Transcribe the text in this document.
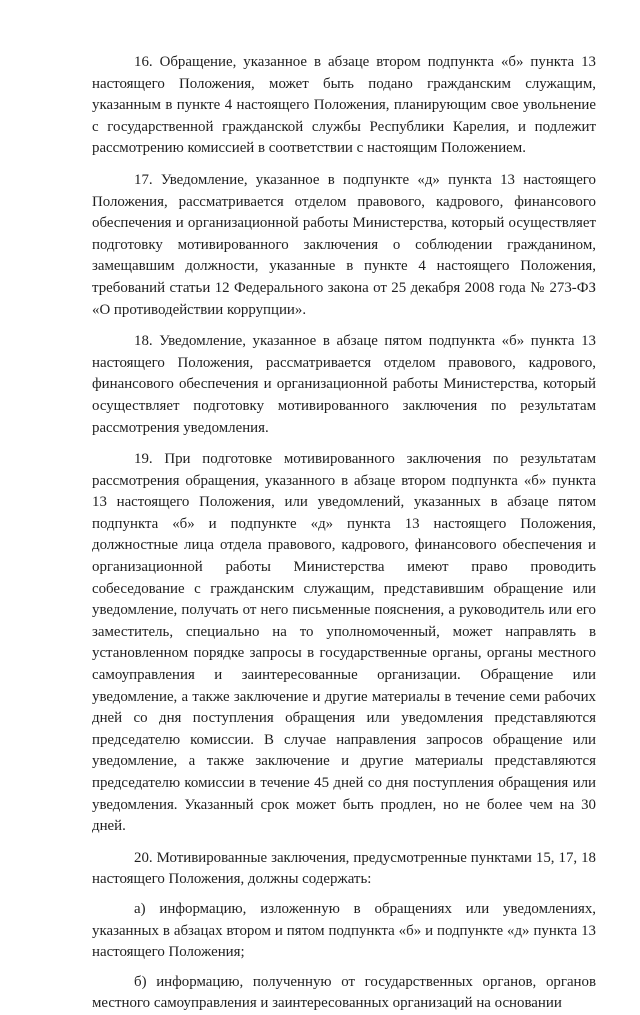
16. Обращение, указанное в абзаце втором подпункта «б» пункта 13 настоящего Положения, может быть подано гражданским служащим, указанным в пункте 4 настоящего Положения, планирующим свое увольнение с государственной гражданской службы Республики Карелия, и подлежит рассмотрению комиссией в соответствии с настоящим Положением.

17. Уведомление, указанное в подпункте «д» пункта 13 настоящего Положения, рассматривается отделом правового, кадрового, финансового обеспечения и организационной работы Министерства, который осуществляет подготовку мотивированного заключения о соблюдении гражданином, замещавшим должности, указанные в пункте 4 настоящего Положения, требований статьи 12 Федерального закона от 25 декабря 2008 года № 273-ФЗ «О противодействии коррупции».

18. Уведомление, указанное в абзаце пятом подпункта «б» пункта 13 настоящего Положения, рассматривается отделом правового, кадрового, финансового обеспечения и организационной работы Министерства, который осуществляет подготовку мотивированного заключения по результатам рассмотрения уведомления.

19. При подготовке мотивированного заключения по результатам рассмотрения обращения, указанного в абзаце втором подпункта «б» пункта 13 настоящего Положения, или уведомлений, указанных в абзаце пятом подпункта «б» и подпункте «д» пункта 13 настоящего Положения, должностные лица отдела правового, кадрового, финансового обеспечения и организационной работы Министерства имеют право проводить собеседование с гражданским служащим, представившим обращение или уведомление, получать от него письменные пояснения, а руководитель или его заместитель, специально на то уполномоченный, может направлять в установленном порядке запросы в государственные органы, органы местного самоуправления и заинтересованные организации. Обращение или уведомление, а также заключение и другие материалы в течение семи рабочих дней со дня поступления обращения или уведомления представляются председателю комиссии. В случае направления запросов обращение или уведомление, а также заключение и другие материалы представляются председателю комиссии в течение 45 дней со дня поступления обращения или уведомления. Указанный срок может быть продлен, но не более чем на 30 дней.

20. Мотивированные заключения, предусмотренные пунктами 15, 17, 18 настоящего Положения, должны содержать:

а) информацию, изложенную в обращениях или уведомлениях, указанных в абзацах втором и пятом подпункта «б» и подпункте «д» пункта 13 настоящего Положения;

б) информацию, полученную от государственных органов, органов местного самоуправления и заинтересованных организаций на основании
